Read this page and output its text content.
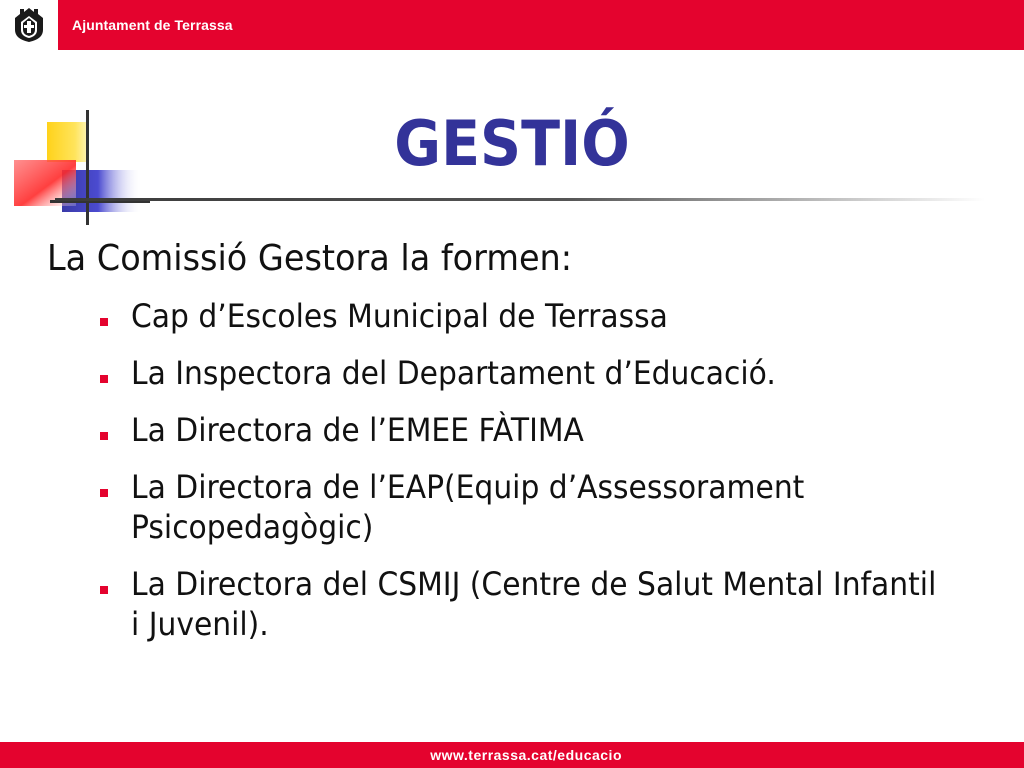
Ajuntament de Terrassa
GESTIÓ
La Comissió Gestora la formen:
Cap d’Escoles Municipal de Terrassa
La Inspectora del Departament d’Educació.
La Directora de l’EMEE FÀTIMA
La Directora de l’EAP(Equip d’Assessorament Psicopedagògic)
La Directora del CSMIJ (Centre de Salut Mental Infantil i Juvenil).
www.terrassa.cat/educacio
